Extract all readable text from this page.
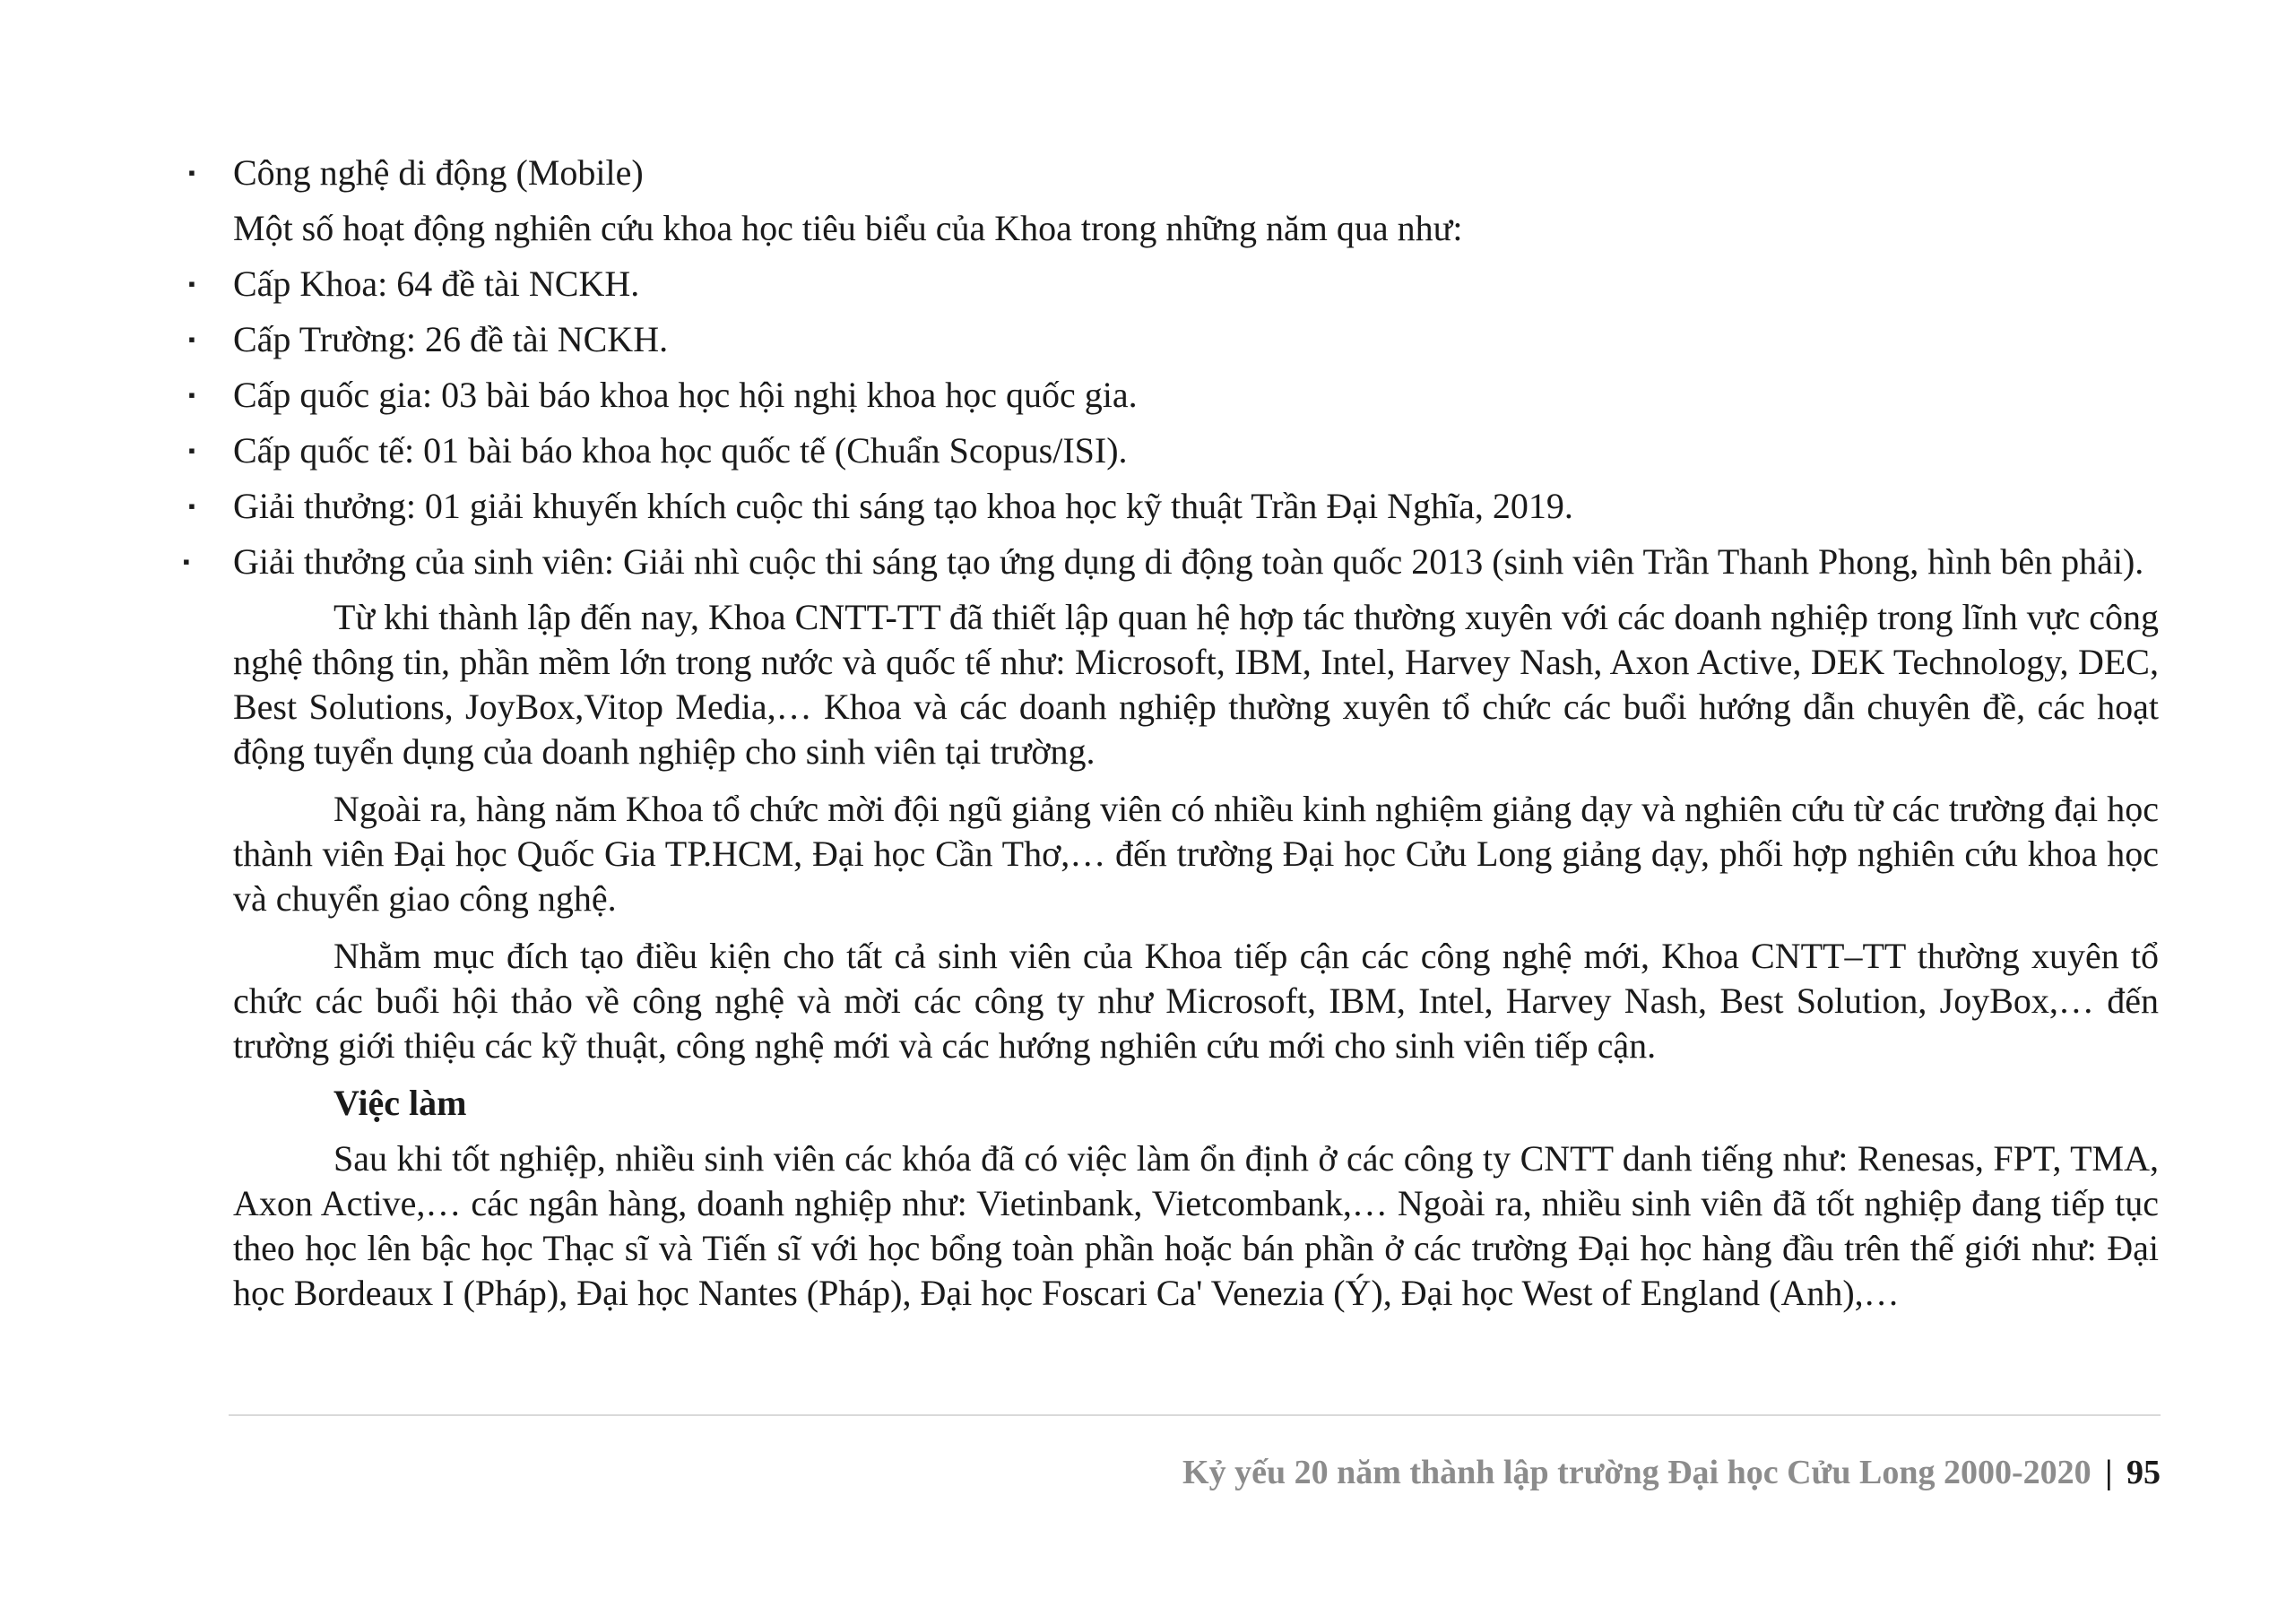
▪ Công nghệ di động (Mobile)

Một số hoạt động nghiên cứu khoa học tiêu biểu của Khoa trong những năm qua như:

▪ Cấp Khoa: 64 đề tài NCKH.
▪ Cấp Trường: 26 đề tài NCKH.
▪ Cấp quốc gia: 03 bài báo khoa học hội nghị khoa học quốc gia.
▪ Cấp quốc tế: 01 bài báo khoa học quốc tế (Chuẩn Scopus/ISI).
▪ Giải thưởng: 01 giải khuyến khích cuộc thi sáng tạo khoa học kỹ thuật Trần Đại Nghĩa, 2019.
▪	Giải thưởng của sinh viên: Giải nhì cuộc thi sáng tạo ứng dụng di động toàn quốc 2013 (sinh viên Trần Thanh Phong, hình bên phải).

Từ khi thành lập đến nay, Khoa CNTT-TT đã thiết lập quan hệ hợp tác thường xuyên với các doanh nghiệp trong lĩnh vực công nghệ thông tin, phần mềm lớn trong nước và quốc tế như: Microsoft, IBM, Intel, Harvey Nash, Axon Active, DEK Technology, DEC, Best Solutions, JoyBox,Vitop Media,… Khoa và các doanh nghiệp thường xuyên tổ chức các buổi hướng dẫn chuyên đề, các hoạt động tuyển dụng của doanh nghiệp cho sinh viên tại trường.

Ngoài ra, hàng năm Khoa tổ chức mời đội ngũ giảng viên có nhiều kinh nghiệm giảng dạy và nghiên cứu từ các trường đại học thành viên Đại học Quốc Gia TP.HCM, Đại học Cần Thơ,… đến trường Đại học Cửu Long giảng dạy, phối hợp nghiên cứu khoa học và chuyển giao công nghệ.

Nhằm mục đích tạo điều kiện cho tất cả sinh viên của Khoa tiếp cận các công nghệ mới, Khoa CNTT–TT thường xuyên tổ chức các buổi hội thảo về công nghệ và mời các công ty như Microsoft, IBM, Intel, Harvey Nash, Best Solution, JoyBox,… đến trường giới thiệu các kỹ thuật, công nghệ mới và các hướng nghiên cứu mới cho sinh viên tiếp cận.

Việc làm

Sau khi tốt nghiệp, nhiều sinh viên các khóa đã có việc làm ổn định ở các công ty CNTT danh tiếng như: Renesas, FPT, TMA, Axon Active,… các ngân hàng, doanh nghiệp như: Vietinbank, Vietcombank,… Ngoài ra, nhiều sinh viên đã tốt nghiệp đang tiếp tục theo học lên bậc học Thạc sĩ và Tiến sĩ với học bổng toàn phần hoặc bán phần ở các trường Đại học hàng đầu trên thế giới như: Đại học Bordeaux I (Pháp), Đại học Nantes (Pháp), Đại học Foscari Ca' Venezia (Ý), Đại học West of England (Anh),…

Kỷ yếu 20 năm thành lập trường Đại học Cửu Long 2000-2020 | 95
